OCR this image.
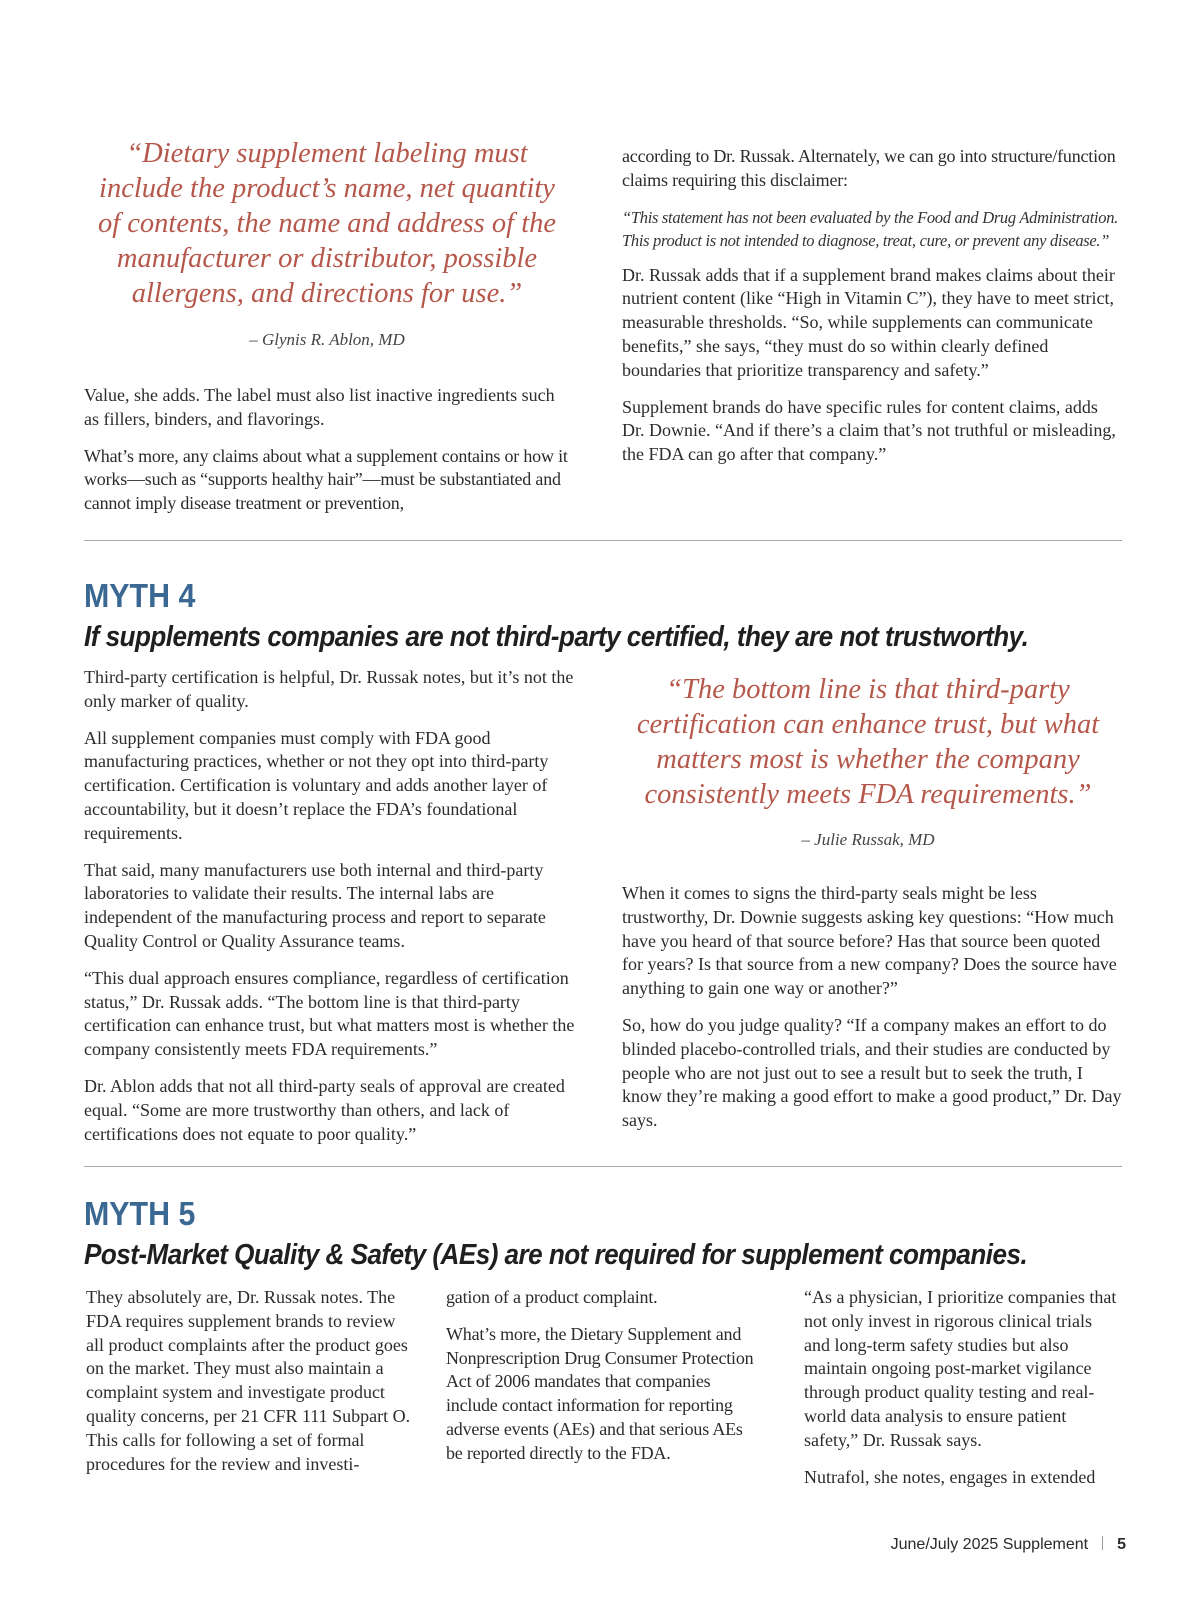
“Dietary supplement labeling must include the product’s name, net quantity of contents, the name and address of the manufacturer or distributor, possible allergens, and directions for use.”
– Glynis R. Ablon, MD

Value, she adds. The label must also list inactive ingredients such as fillers, binders, and flavorings.

What’s more, any claims about what a supplement contains or how it works—such as “supports healthy hair”—must be substantiated and cannot imply disease treatment or prevention,

according to Dr. Russak. Alternately, we can go into structure/function claims requiring this disclaimer:

“This statement has not been evaluated by the Food and Drug Administration. This product is not intended to diagnose, treat, cure, or prevent any disease.”

Dr. Russak adds that if a supplement brand makes claims about their nutrient content (like “High in Vitamin C”), they have to meet strict, measurable thresholds. “So, while supplements can communicate benefits,” she says, “they must do so within clearly defined boundaries that prioritize transparency and safety.”

Supplement brands do have specific rules for content claims, adds Dr. Downie. “And if there’s a claim that’s not truthful or misleading, the FDA can go after that company.”

MYTH 4
If supplements companies are not third-party certified, they are not trustworthy.

Third-party certification is helpful, Dr. Russak notes, but it’s not the only marker of quality.

All supplement companies must comply with FDA good manufacturing practices, whether or not they opt into third-party certification. Certification is voluntary and adds another layer of accountability, but it doesn’t replace the FDA’s foundational requirements.

That said, many manufacturers use both internal and third-party laboratories to validate their results. The internal labs are independent of the manufacturing process and report to separate Quality Control or Quality Assurance teams.

“This dual approach ensures compliance, regardless of certification status,” Dr. Russak adds. “The bottom line is that third-party certification can enhance trust, but what matters most is whether the company consistently meets FDA requirements.”

Dr. Ablon adds that not all third-party seals of approval are created equal. “Some are more trustworthy than others, and lack of certifications does not equate to poor quality.”

“The bottom line is that third-party certification can enhance trust, but what matters most is whether the company consistently meets FDA requirements.”
– Julie Russak, MD

When it comes to signs the third-party seals might be less trustworthy, Dr. Downie suggests asking key questions: “How much have you heard of that source before? Has that source been quoted for years? Is that source from a new company? Does the source have anything to gain one way or another?”

So, how do you judge quality? “If a company makes an effort to do blinded placebo-controlled trials, and their studies are conducted by people who are not just out to see a result but to seek the truth, I know they’re making a good effort to make a good product,” Dr. Day says.

MYTH 5
Post-Market Quality & Safety (AEs) are not required for supplement companies.

They absolutely are, Dr. Russak notes. The FDA requires supplement brands to review all product complaints after the product goes on the market. They must also maintain a complaint system and investigate product quality concerns, per 21 CFR 111 Subpart O. This calls for following a set of formal procedures for the review and investi-

gation of a product complaint.

What’s more, the Dietary Supplement and Nonprescription Drug Consumer Protection Act of 2006 mandates that companies include contact information for reporting adverse events (AEs) and that serious AEs be reported directly to the FDA.

“As a physician, I prioritize companies that not only invest in rigorous clinical trials and long-term safety studies but also maintain ongoing post-market vigilance through product quality testing and real-world data analysis to ensure patient safety,” Dr. Russak says.

Nutrafol, she notes, engages in extended

June/July 2025 Supplement 5
